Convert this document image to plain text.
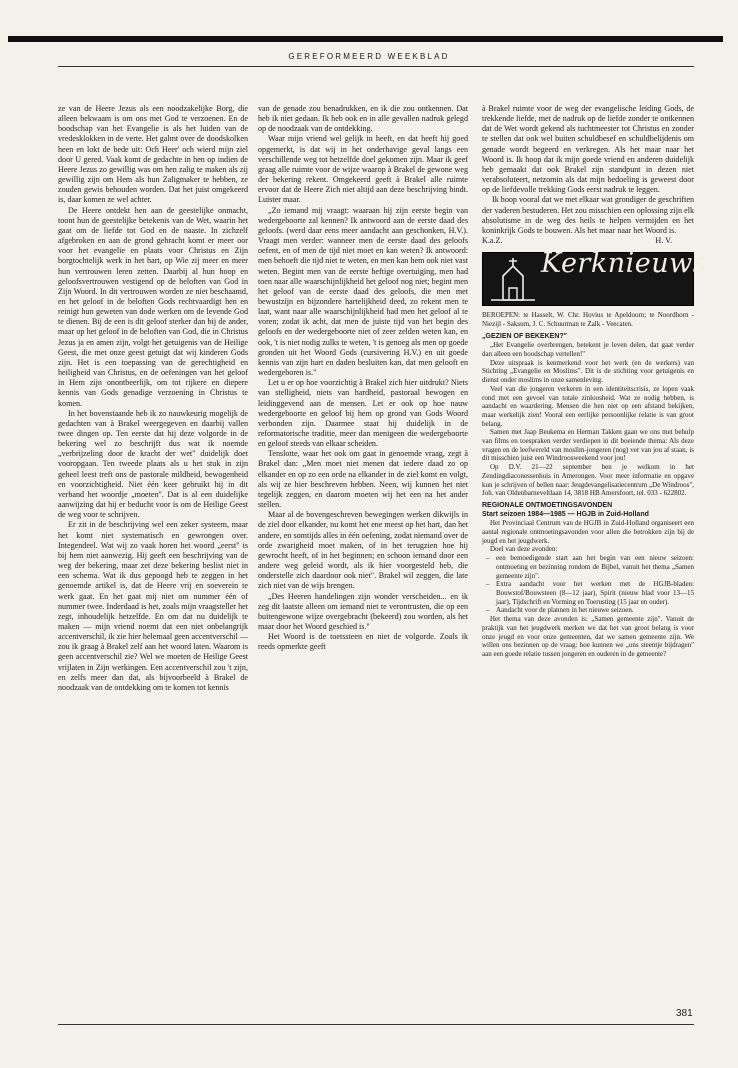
GEREFORMEERD WEEKBLAD

ze van de Heere Jezus als een noodzakelijke Borg, die alleen bekwaam is om ons met God te verzoenen. En de boodschap van het Evangelie is als het luiden van de vredesklokken in de verte. Het galmt over de doodskolken heen en lokt de bede uit: Och Heer' och wierd mijn ziel door U gered. Vaak komt de gedachte in hen op indien de Heere Jezus zo gewillig was om hen zalig te maken als zij gewillig zijn om Hem als hun Zaligmaker te hebben, ze zouden gewis behouden worden. Dat het juist omgekeerd is, daar komen ze wel achter.

De Heere ontdekt hen aan de geestelijke onmacht, toont hun de geestelijke betekenis van de Wet, waarin het gaat om de liefde tot God en de naaste. In zichzelf afgebroken en aan de grond gebracht komt er meer oor voor het evangelie en plaats voor Christus en Zijn borgtochtelijk werk in het hart, op Wie zij meer en meer hun vertrouwen leren zetten. Daarbij al hun hoop en geloofsvertrouwen vestigend op de beloften van God in Zijn Woord. In dit vertrouwen worden ze niet beschaamd, en het geloof in de beloften Gods rechtvaardigt hen en reinigt hun geweten van dode werken om de levende God te dienen. Bij de een is dit geloof sterker dan bij de ander, maar op het geloof in de beloften van God, die in Christus Jezus ja en amen zijn, volgt het getuigenis van de Heilige Geest, die met onze geest getuigt dat wij kinderen Gods zijn. Het is een toepassing van de gerechtigheid en heiligheid van Christus, en de oefeningen van het geloof in Hem zijn onontbeerlijk, om tot rijkere en diepere kennis van Gods genadige verzoening in Christus te komen.

In het bovenstaande heb ik zo nauwkeurig mogelijk de gedachten van à Brakel weergegeven en daarbij vallen twee dingen op. Ten eerste dat hij deze volgorde in de bekering wel zo beschrijft dus wat ik noemde „verbrijzeling door de kracht der wet" duidelijk doet vooropgaan. Ten tweede plaats als u het stuk in zijn geheel leest treft ons de pastorale mildheid, bewogenheid en voorzichtigheid. Niet één keer gebruikt hij in dit verband het woordje „moeten". Dat is al een duidelijke aanwijzing dat hij er beducht voor is om de Heilige Geest de weg voor te schrijven.

Er zit in de beschrijving wel een zeker systeem, maar het komt niet systematisch en gewrongen over. Integendeel. Wat wij zo vaak horen het woord „eerst" is bij hem niet aanwezig. Hij geeft een beschrijving van de weg der bekering, maar zet deze bekering beslist niet in een schema. Wat ik dus gepoogd heb te zeggen in het genoemde artikel is, dat de Heere vrij en soeverein te werk gaat. En het gaat mij niet om nummer één of nummer twee. Inderdaad is het, zoals mijn vraagsteller het zegt, inhoudelijk hetzelfde. En om dat nu duidelijk te maken — mijn vriend noemt dat een niet onbelangrijk accentverschil, ik zie hier helemaal geen accentverschil — zou ik graag à Brakel zelf aan het woord laten. Waarom is geen accentverschil zie? Wel we moeten de Heilige Geest vrijlaten in Zijn werkingen. Een accentverschil zou 't zijn, en zelfs meer dan dat, als bijvoorbeeld à Brakel de noodzaak van de ontdekking om te komen tot kennis

van de genade zou benadrukken, en ik die zou ontkennen. Dat heb ik niet gedaan. Ik heb ook en in alle gevallen nadruk gelegd op de noodzaak van de ontdekking.

Waar mijn vriend wel gelijk in heeft, en dat heeft hij goed opgemerkt, is dat wij in het onderhavige geval langs een verschillende weg tot hetzelfde doel gekomen zijn. Maar ik geef graag alle ruimte voor de wijze waarop à Brakel de gewone weg der bekering rekent. Omgekeerd geeft à Brakel alle ruimte ervoor dat de Heere Zich niet altijd aan deze beschrijving bindt. Luister maar.

„Zo iemand mij vraagt: waaraan hij zijn eerste begin van wedergeboorte zal kennen? Ik antwoord aan de eerste daad des geloofs. (werd daar eens meer aandacht aan geschonken, H.V.). Vraagt men verder: wanneer men de eerste daad des geloofs oefent, en of men de tijd niet moet en kan weten? Ik antwoord: men behoeft die tijd niet te weten, en men kan hem ook niet vast weten. Begint men van de eerste heftige overtuiging, men had toen naar alle waarschijnlijkheid het geloof nog niet; begint men het geloof van de eerste daad des geloofs, die men met bewustzijn en bijzondere hartelijkheid deed, zo rekent men te laat, want naar alle waarschijnlijkheid had men het geloof al te voren; zodat ik acht, dat men de juiste tijd van het begin des geloofs en der wedergeboorte niet of zeer zelden weten kan, en ook, 't is niet nodig zulks te weten, 't is genoeg als men op goede gronden uit het Woord Gods (cursivering H.V.) en uit goede kennis van zijn hart en daden besluiten kan, dat men gelooft en wedergeboren is."

Let u er op hoe voorzichtig à Brakel zich hier uitdrukt? Niets van stelligheid, niets van hardheid, pastoraal bewogen en leidinggevend aan de mensen. Let er ook op hoe nauw wedergeboorte en geloof bij hem op grond van Gods Woord verbonden zijn. Daarmee staat hij duidelijk in de reformatorische traditie, meer dan menigeen die wedergeboorte en geloof steeds van elkaar scheiden.

Tenslotte, waar het ook om gaat in genoemde vraag, zegt à Brakel dan: „Men moet niet menen dat iedere daad zo op elkander en op zo een orde na elkander in de ziel komt en volgt, als wij ze hier beschreven hebben. Neen, wij kunnen het niet tegelijk zeggen, en daarom moeten wij het een na het ander stellen.

Maar al de bovengeschreven bewegingen werken dikwijls in de ziel door elkander, nu komt het ene meest op het hart, dan het andere, en somtijds alles in één oefening, zodat niemand over de orde zwarigheid moet maken, of in het terugzien hoe hij gewrocht heeft, of in het beginnen; en schoon iemand door een andere weg geleid wordt, als ik hier voorgesteld heb, die onderstelle zich daardoor ook niet". Brakel wil zeggen, die late zich niet van de wijs brengen.

„Des Heeren handelingen zijn wonder verscheiden... en ik zeg dit laatste alleen om iemand niet te verontrusten, die op een buitengewone wijze overgebracht (bekeerd) zou worden, als het maar door het Woord geschied is."

Het Woord is de toetssteen en niet de volgorde. Zoals ik reeds opmerkte geeft

à Brakel ruimte voor de weg der evangelische leiding Gods, de trekkende liefde, met de nadruk op de liefde zonder te ontkennen dat de Wet wordt gekend als tuchtmeester tot Christus en zonder te stellen dat ook wel buiten schuldbesef en schuldbelijdenis om genade wordt begeerd en verkregen. Als het maar naar het Woord is. Ik hoop dat ik mijn goede vriend en anderen duidelijk heb gemaakt dat ook Brakel zijn standpunt in dezen niet verabsoluteert, netzomin als dat mijn bedoeling is geweest door op de liefdevolle trekking Gods eerst nadruk te leggen.

Ik hoop vooral dat we met elkaar wat grondiger de geschriften der vaderen bestuderen. Het zou misschien een oplossing zijn elk absolutisme in de weg des heils te helpen vermijden en het koninkrijk Gods te bouwen. Als het maar naar het Woord is.

K.a.Z.	H. V.
Kerknieuws

BEROEPEN: te Hasselt, W. Chr. Hovius te Apeldoorn; te Noordhorn - Niezijl - Saksum, J. C. Schuurman te Zalk - Veecaten.

„GEZIEN OF BEKEKEN?"

„Het Evangelie overbrengen, betekent je leven delen, dat gaat verder dan alleen een boodschap vertellen!"

Deze uitspraak is kenmerkend voor het werk (en de werkers) van Stichting „Evangelie en Moslims". Dit is de stichting voor getuigenis en dienst onder moslims in onze samenleving.

Veel van die jongeren verkeren in een identiteitscrisis, ze lopen vaak rond met een gevoel van totale zinloosheid. Wat ze nodig hebben, is aandacht en waardering. Mensen die hen niet op een afstand bekijken, maar werkelijk zien! Vooral een eerlijke persoonlijke relatie is van groot belang.

Samen met Jaap Beukema en Herman Takken gaan we ons met behulp van films en toespraken verder verdiepen in dit boeiende thema: Als deze vragen en de leefwereld van moslim-jongeren (nog) ver van jou af staan, is dit misschien juist een Windroosweekend voor jou!

Op D.V. 21—22 september ben je welkom in het Zendingdiaconessenhuis in Amerongen. Voor meer informatie en opgave kun je schrijven of bellen naar: Jeugdevangelisatiecentrum „De Windroos", Joh. van Oldenbarneveltlaan 14, 3818 HB Amersfoort, tel. 033 - 622802.

REGIONALE ONTMOETINGSAVONDEN

Start seizoen 1984—1985 — HGJB in Zuid-Holland

Het Provinciaal Centrum van de HGJB in Zuid-Holland organiseert een aantal regionale ontmoetingsavonden voor allen die betrokken zijn bij de jeugd en het jeugdwerk.

Doel van deze avonden:

– een bemoedigende start aan het begin van een nieuw seizoen: ontmoeting en bezinning rondom de Bijbel, vanuit het thema „Samen gemeente zijn".
– Extra aandacht voor het werken met de HGJB-bladen: Bouwstof/Bouwsteen (8—12 jaar), Spirit (nieuw blad voor 13—15 jaar), Tijdschrift en Vorming en Toerusting (15 jaar en ouder).
– Aandacht voor de plannen in het nieuwe seizoen.

Het thema van deze avonden is: „Samen gemeente zijn". Vanuit de praktijk van het jeugdwerk merken we dat het van groot belang is voor onze jeugd en voor onze gemeenten, dat we samen gemeente zijn. We willen ons bezinnen op de vraag: hoe kunnen we „ons steentje bijdragen" aan een goede relatie tussen jongeren en ouderen in de gemeente?

381
